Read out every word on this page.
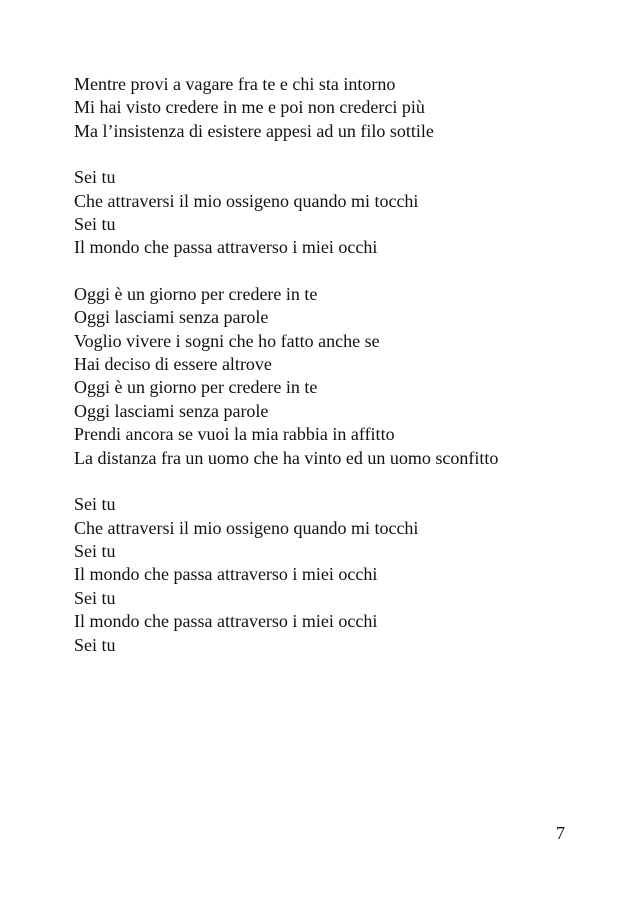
Mentre provi a vagare fra te e chi sta intorno
Mi hai visto credere in me e poi non crederci più
Ma l’insistenza di esistere appesi ad un filo sottile
Sei tu
Che attraversi il mio ossigeno quando mi tocchi
Sei tu
Il mondo che passa attraverso i miei occhi
Oggi è un giorno per credere in te
Oggi lasciami senza parole
Voglio vivere i sogni che ho fatto anche se
Hai deciso di essere altrove
Oggi è un giorno per credere in te
Oggi lasciami senza parole
Prendi ancora se vuoi la mia rabbia in affitto
La distanza fra un uomo che ha vinto ed un uomo sconfitto
Sei tu
Che attraversi il mio ossigeno quando mi tocchi
Sei tu
Il mondo che passa attraverso i miei occhi
Sei tu
Il mondo che passa attraverso i miei occhi
Sei tu
7
